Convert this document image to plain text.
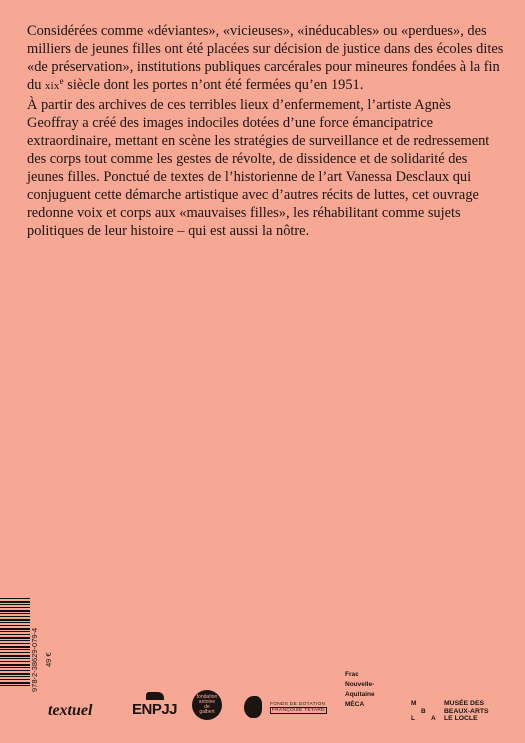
Considérées comme «déviantes», «vicieuses», «inéducables» ou «perdues», des milliers de jeunes filles ont été placées sur décision de justice dans des écoles dites «de préservation», institutions publiques carcérales pour mineures fondées à la fin du xix$^e$ siècle dont les portes n’ont été fermées qu’en 1951.

À partir des archives de ces terribles lieux d’enfermement, l’artiste Agnès Geoffray a créé des images indociles dotées d’une force émancipatrice extraordinaire, mettant en scène les stratégies de surveillance et de redressement des corps tout comme les gestes de révolte, de dissidence et de solidarité des jeunes filles. Ponctué de textes de l’historienne de l’art Vanessa Desclaux qui conjuguent cette démarche artistique avec d’autres récits de luttes, cet ouvrage redonne voix et corps aux «mauvaises filles», les réhabilitant comme sujets politiques de leur histoire – qui est aussi la nôtre.

978-2-38629-079-4 49 €
textuel	ENPJJ
fondation
antoine
de
galbert
FONDS DE DOTATION
FRANÇOISE TÉTARD
Frac
Nouvelle-
Aquitaine
MÉCA	M
B
L	A
MUSÉE DES
BEAUX-ARTS
LE LOCLE
